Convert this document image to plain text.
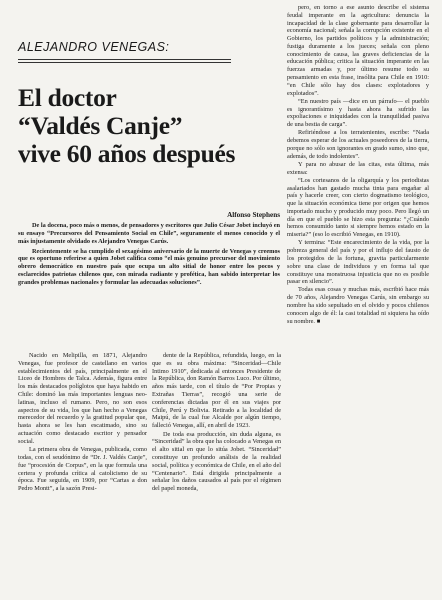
ALEJANDRO VENEGAS:
El doctor
“Valdés Canje”
vive 60 años después
Alfonso Stephens

De la docena, poco más o menos, de pensadores y escritores que Julio César Jobet incluyó en su ensayo “Precursores del Pensamiento Social en Chile”, seguramente el menos conocido y el más injustamente olvidado es Alejandro Venegas Carús.

Recientemente se ha cumplido el sexagésimo aniversario de la muerte de Venegas y creemos que es oportuno referirse a quien Jobet califica como “el más genuino precursor del movimiento obrero democrático en nuestro país que ocupa un alto sitial de honor entre los pocos y esclarecidos patriotas chilenos que, con mirada radiante y profética, han sabido interpretar los grandes problemas nacionales y formular las adecuadas soluciones”.

Nacido en Melipilla, en 1871, Alejandro Venegas, fue profesor de castellano en varios establecimientos del país, principalmente en el Liceo de Hombres de Talca. Además, figura entre los más destacados políglotos que haya habido en Chile: dominó las más importantes lenguas neo-latinas, incluso el rumano. Pero, no son esos aspectos de su vida, los que han hecho a Venegas merecedor del recuerdo y la gratitud popular que, hasta ahora se les han escatimado, sino su actuación como destacado escritor y pensador social.

La primera obra de Venegas, publicada, como todas, con el seudónimo de “Dr. J. Valdés Canje”, fue “procesión de Corpus”, en la que formula una certera y profunda crítica al catolicismo de su época. Fue seguida, en 1909, por “Cartas a don Pedro Montt”, a la sazón Presi-

dente de la República, refundida, luego, en la que es su obra máxima: “Sinceridad—Chile Intimo 1910”, dedicada al entonces Presidente de la República, don Ramón Barros Luco. Por último, años más tarde, con el título de “Por Propias y Extrañas Tierras”, recogió una serie de conferencias dictadas por él en sus viajes por Chile, Perú y Bolivia. Retirado a la localidad de Maipú, de la cual fue Alcalde por algún tiempo, falleció Venegas, allí, en abril de 1923.

De toda esa producción, sin duda alguna, es “Sinceridad” la obra que ha colocado a Venegas en el alto sitial en que lo sitúa Jobet. “Sinceridad” constituye un profundo análisis de la realidad social, política y económica de Chile, en el año del “Centenario”. Está dirigida principalmente a señalar los daños causados al país por el régimen del papel moneda,

pero, en torno a ese asunto describe el sistema feudal imperante en la agricultura: denuncia la incapacidad de la clase gobernante para desarrollar la economía nacional; señala la corrupción existente en el Gobierno, los partidos políticos y la administración; fustiga duramente a los jueces; señala con pleno conocimiento de causa, las graves deficiencias de la educación pública; critica la situación imperante en las fuerzas armadas y, por último resume todo su pensamiento en esta frase, insólita para Chile en 1910: “en Chile sólo hay dos clases: explotadores y explotados”.

“En nuestro país —dice en un párrafo— el pueblo es ignorantísimo y hasta ahora ha sufrido las expoliaciones e iniquidades con la tranquilidad pasiva de una bestia de carga”.

Refiriéndose a los terratenientes, escribe: “Nada debemos esperar de los actuales poseedores de la tierra, porque no sólo son ignorantes en grado sumo, sino que, además, de todo indolentes”.

Y para no abusar de las citas, esta última, más extensa:

“Los cortesanos de la oligarquía y los periodistas asalariados han gastado mucha tinta para engañar al país y hacerle creer, con cierto dogmatismo teológico, que la situación económica tiene por origen que hemos importado mucho y producido muy poco. Pero llegó un día en que el pueblo se hizo esta pregunta: “¿Cuándo hemos consumido tanto si siempre hemos estado en la miseria?” (eso lo escribió Venegas, en 1910).

Y termina: “Este encarecimiento de la vida, por la pobreza general del país y por el influjo del fausto de los protegidos de la fortuna, gravita particularmente sobre una clase de individuos y en forma tal que constituye una monstruosa injusticia que no es posible pasar en silencio”.

Todas esas cosas y muchas más, escribió hace más de 70 años, Alejandro Venegas Carús, sin embargo su nombre ha sido sepultado en el olvido y pocos chilenos conocen algo de él: la casi totalidad ni siquiera ha oído su nombre. ■
